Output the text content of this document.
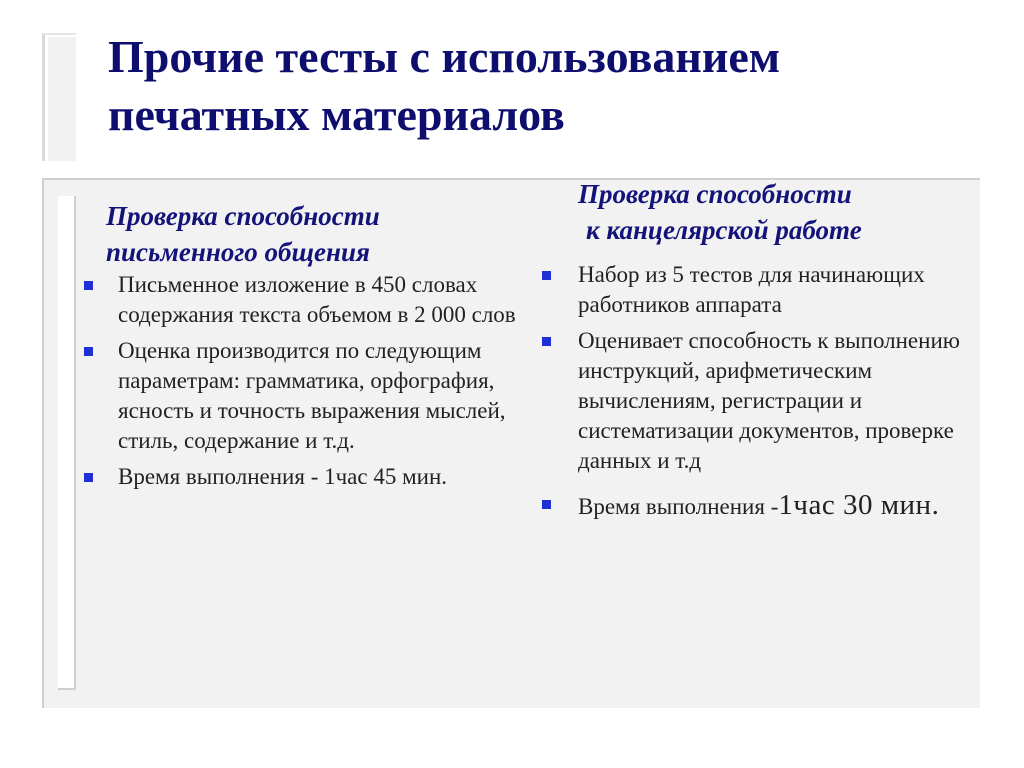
Прочие тесты с использованием печатных материалов
Проверка способности
письменного общения
Письменное изложение в 450 словах содержания текста объемом в 2 000 слов
Оценка производится по следующим параметрам: грамматика, орфография, ясность и точность выражения мыслей, стиль, содержание и т.д.
Время выполнения - 1час 45 мин.
Проверка способности
к канцелярской работе
Набор из 5 тестов для начинающих работников аппарата
Оценивает способность к выполнению инструкций, арифметическим вычислениям, регистрации и систематизации документов, проверке данных и т.д
Время выполнения -1час 30 мин.
